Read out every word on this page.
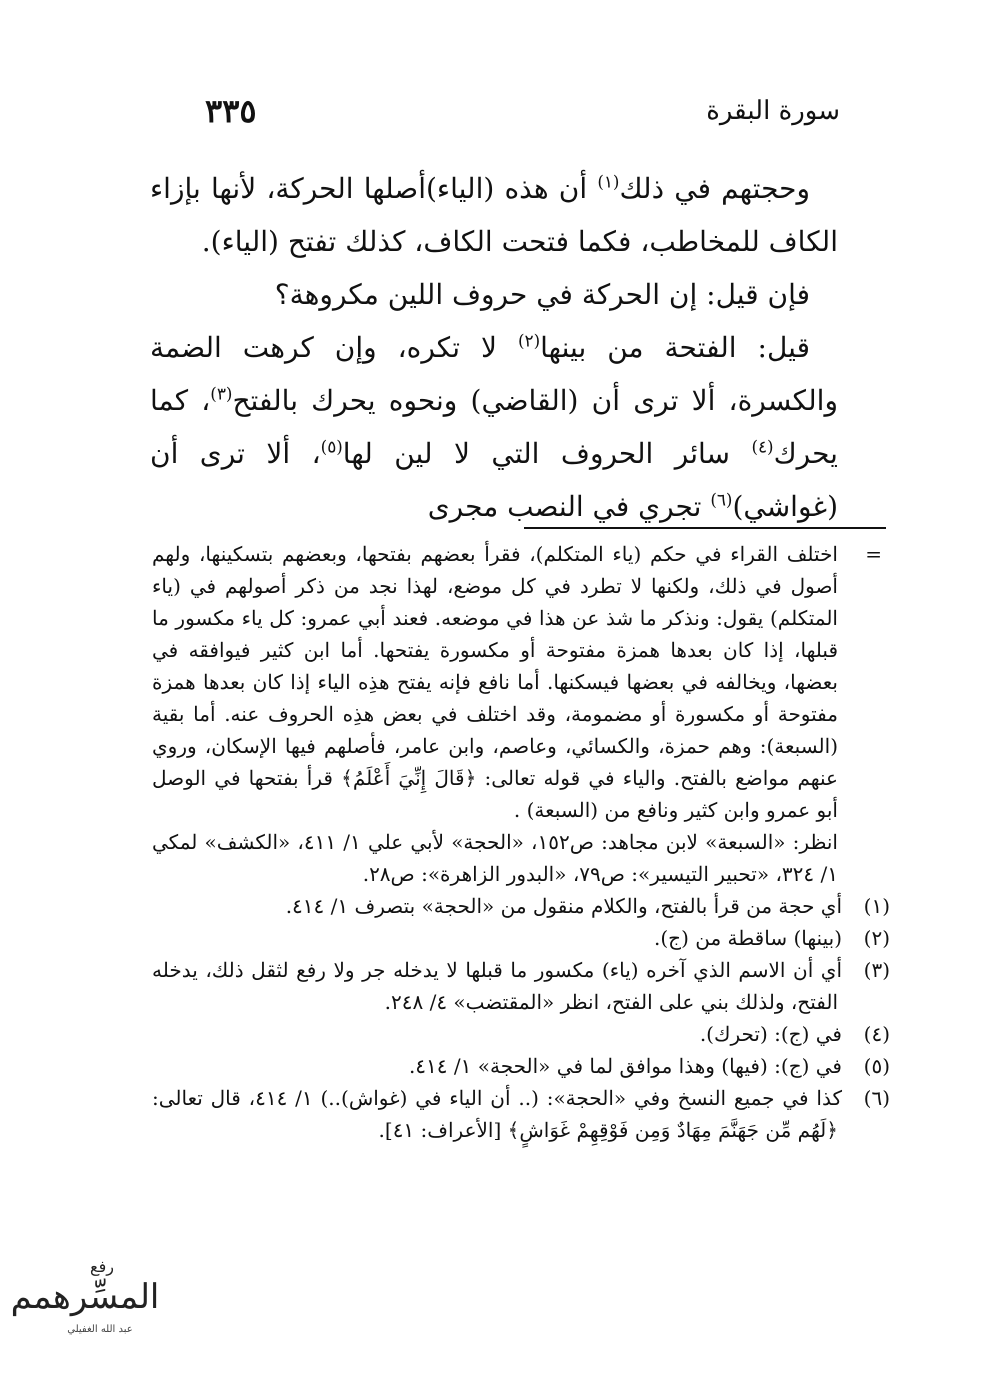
٣٣٥	سورة البقرة

وحجتهم في ذلك$^{(١)}$ أن هذه (الياء)أصلها الحركة، لأنها بإزاء الكاف للمخاطب، فكما فتحت الكاف، كذلك تفتح (الياء).

فإن قيل: إن الحركة في حروف اللين مكروهة؟

قيل: الفتحة من بينها$^{(٢)}$ لا تكره، وإن كرهت الضمة والكسرة، ألا ترى أن (القاضي) ونحوه يحرك بالفتح$^{(٣)}$، كما يحرك$^{(٤)}$ سائر الحروف التي لا لين لها$^{(٥)}$، ألا ترى أن (غواشي)$^{(٦)}$ تجري في النصب مجرى

=

اختلف القراء في حكم (ياء المتكلم)، فقرأ بعضهم بفتحها، وبعضهم بتسكينها، ولهم أصول في ذلك، ولكنها لا تطرد في كل موضع، لهذا نجد من ذكر أصولهم في (ياء المتكلم) يقول: ونذكر ما شذ عن هذا في موضعه. فعند أبي عمرو: كل ياء مكسور ما قبلها، إذا كان بعدها همزة مفتوحة أو مكسورة يفتحها. أما ابن كثير فيوافقه في بعضها، ويخالفه في بعضها فيسكنها. أما نافع فإنه يفتح هذِه الياء إذا كان بعدها همزة مفتوحة أو مكسورة أو مضمومة، وقد اختلف في بعض هذِه الحروف عنه. أما بقية (السبعة): وهم حمزة، والكسائي، وعاصم، وابن عامر، فأصلهم فيها الإسكان، وروي عنهم مواضع بالفتح. والياء في قوله تعالى: ﴿قَالَ إِنِّيَ أَعْلَمُ﴾ قرأ بفتحها في الوصل أبو عمرو وابن كثير ونافع من (السبعة) .

انظر: «السبعة» لابن مجاهد: ص١٥٢، «الحجة» لأبي علي ١/ ٤١١، «الكشف» لمكي ١/ ٣٢٤، «تحبير التيسير»: ص٧٩، «البدور الزاهرة»: ص٢٨.

(١)أي حجة من قرأ بالفتح، والكلام منقول من «الحجة» بتصرف ١/ ٤١٤.

(٢)(بينها) ساقطة من (ج).

(٣)أي أن الاسم الذي آخره (ياء) مكسور ما قبلها لا يدخله جر ولا رفع لثقل ذلك، يدخله الفتح، ولذلك بني على الفتح، انظر «المقتضب» ٤/ ٢٤٨.

(٤)في (ج): (تحرك).

(٥)في (ج): (فيها) وهذا موافق لما في «الحجة» ١/ ٤١٤.

(٦)كذا في جميع النسخ وفي «الحجة»: (.. أن الياء في (غواش)..) ١/ ٤١٤، قال تعالى: ﴿لَهُم مِّن جَهَنَّمَ مِهَادٌ وَمِن فَوْقِهِمْ غَوَاشٍ﴾ [الأعراف: ٤١].

رفع
المسِّرهمم
عبد الله الغفيلي
